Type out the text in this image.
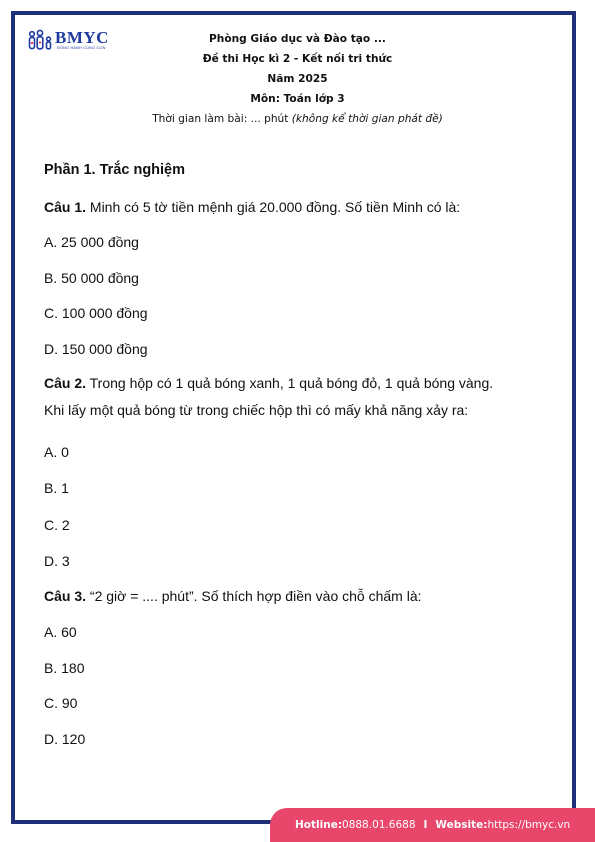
BMYC
ĐỒNG HÀNH CÙNG CON
Phòng Giáo dục và Đào tạo ...
Đề thi Học kì 2 - Kết nối tri thức
Năm 2025
Môn: Toán lớp 3
Thời gian làm bài: ... phút (không kể thời gian phát đề)
Phần 1. Trắc nghiệm
Câu 1. Minh có 5 tờ tiền mệnh giá 20.000 đồng. Số tiền Minh có là:
A. 25 000 đồng
B. 50 000 đồng
C. 100 000 đồng
D. 150 000 đồng
Câu 2. Trong hộp có 1 quả bóng xanh, 1 quả bóng đỏ, 1 quả bóng vàng.
Khi lấy một quả bóng từ trong chiếc hộp thì có mấy khả năng xảy ra:
A. 0
B. 1
C. 2
D. 3
Câu 3. “2 giờ = .... phút”. Số thích hợp điền vào chỗ chấm là:
A. 60
B. 180
C. 90
D. 120
Hotline: 0888.01.6688 I Website: https://bmyc.vn
